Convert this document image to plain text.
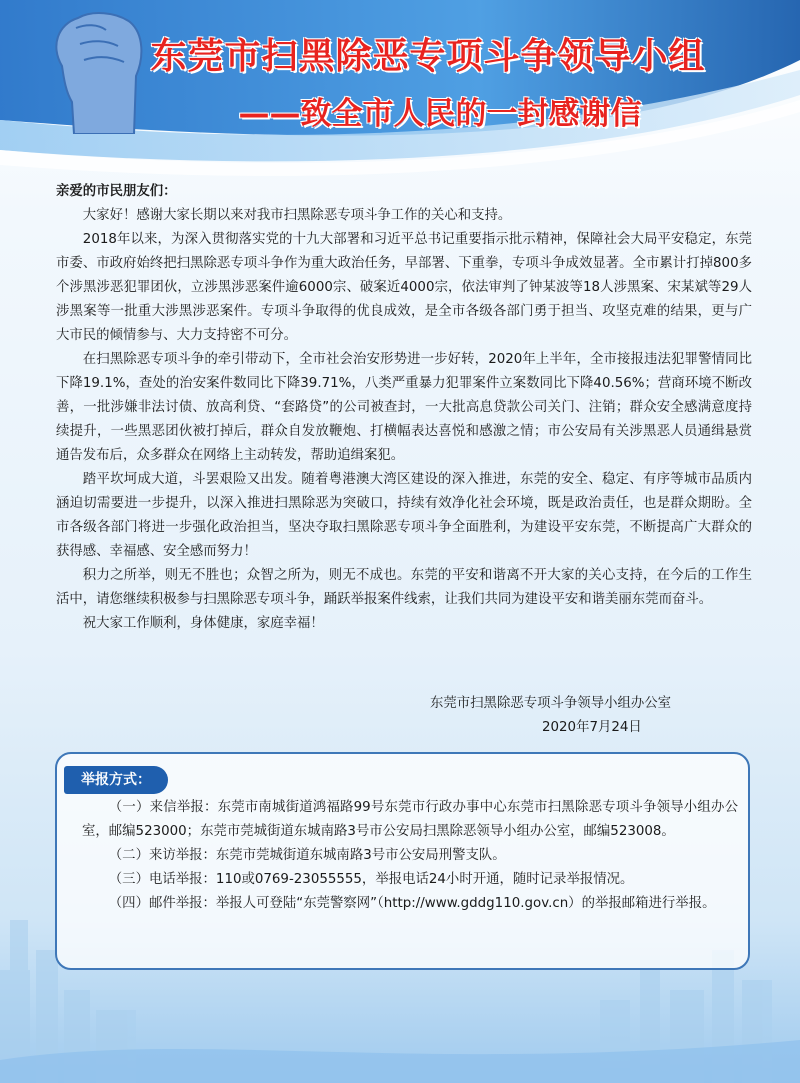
东莞市扫黑除恶专项斗争领导小组
——致全市人民的一封感谢信

亲爱的市民朋友们：

大家好！感谢大家长期以来对我市扫黑除恶专项斗争工作的关心和支持。

2018年以来，为深入贯彻落实党的十九大部署和习近平总书记重要指示批示精神，保障社会大局平安稳定，东莞市委、市政府始终把扫黑除恶专项斗争作为重大政治任务，早部署、下重拳，专项斗争成效显著。全市累计打掉800多个涉黑涉恶犯罪团伙，立涉黑涉恶案件逾6000宗、破案近4000宗，依法审判了钟某波等18人涉黑案、宋某斌等29人涉黑案等一批重大涉黑涉恶案件。专项斗争取得的优良成效，是全市各级各部门勇于担当、攻坚克难的结果，更与广大市民的倾情参与、大力支持密不可分。

在扫黑除恶专项斗争的牵引带动下，全市社会治安形势进一步好转，2020年上半年，全市接报违法犯罪警情同比下降19.1%，查处的治安案件数同比下降39.71%，八类严重暴力犯罪案件立案数同比下降40.56%；营商环境不断改善，一批涉嫌非法讨债、放高利贷、“套路贷”的公司被查封，一大批高息贷款公司关门、注销；群众安全感满意度持续提升，一些黑恶团伙被打掉后，群众自发放鞭炮、打横幅表达喜悦和感激之情；市公安局有关涉黑恶人员通缉悬赏通告发布后，众多群众在网络上主动转发，帮助追缉案犯。

踏平坎坷成大道，斗罢艰险又出发。随着粤港澳大湾区建设的深入推进，东莞的安全、稳定、有序等城市品质内涵迫切需要进一步提升，以深入推进扫黑除恶为突破口，持续有效净化社会环境，既是政治责任，也是群众期盼。全市各级各部门将进一步强化政治担当，坚决夺取扫黑除恶专项斗争全面胜利，为建设平安东莞，不断提高广大群众的获得感、幸福感、安全感而努力！

积力之所举，则无不胜也；众智之所为，则无不成也。东莞的平安和谐离不开大家的关心支持，在今后的工作生活中，请您继续积极参与扫黑除恶专项斗争，踊跃举报案件线索，让我们共同为建设平安和谐美丽东莞而奋斗。

祝大家工作顺利，身体健康，家庭幸福！

东莞市扫黑除恶专项斗争领导小组办公室
2020年7月24日
举报方式：

（一）来信举报：东莞市南城街道鸿福路99号东莞市行政办事中心东莞市扫黑除恶专项斗争领导小组办公室，邮编523000；东莞市莞城街道东城南路3号市公安局扫黑除恶领导小组办公室，邮编523008。

（二）来访举报：东莞市莞城街道东城南路3号市公安局刑警支队。

（三）电话举报：110或0769-23055555，举报电话24小时开通，随时记录举报情况。

（四）邮件举报：举报人可登陆“东莞警察网”（http://www.gddg110.gov.cn）的举报邮箱进行举报。
